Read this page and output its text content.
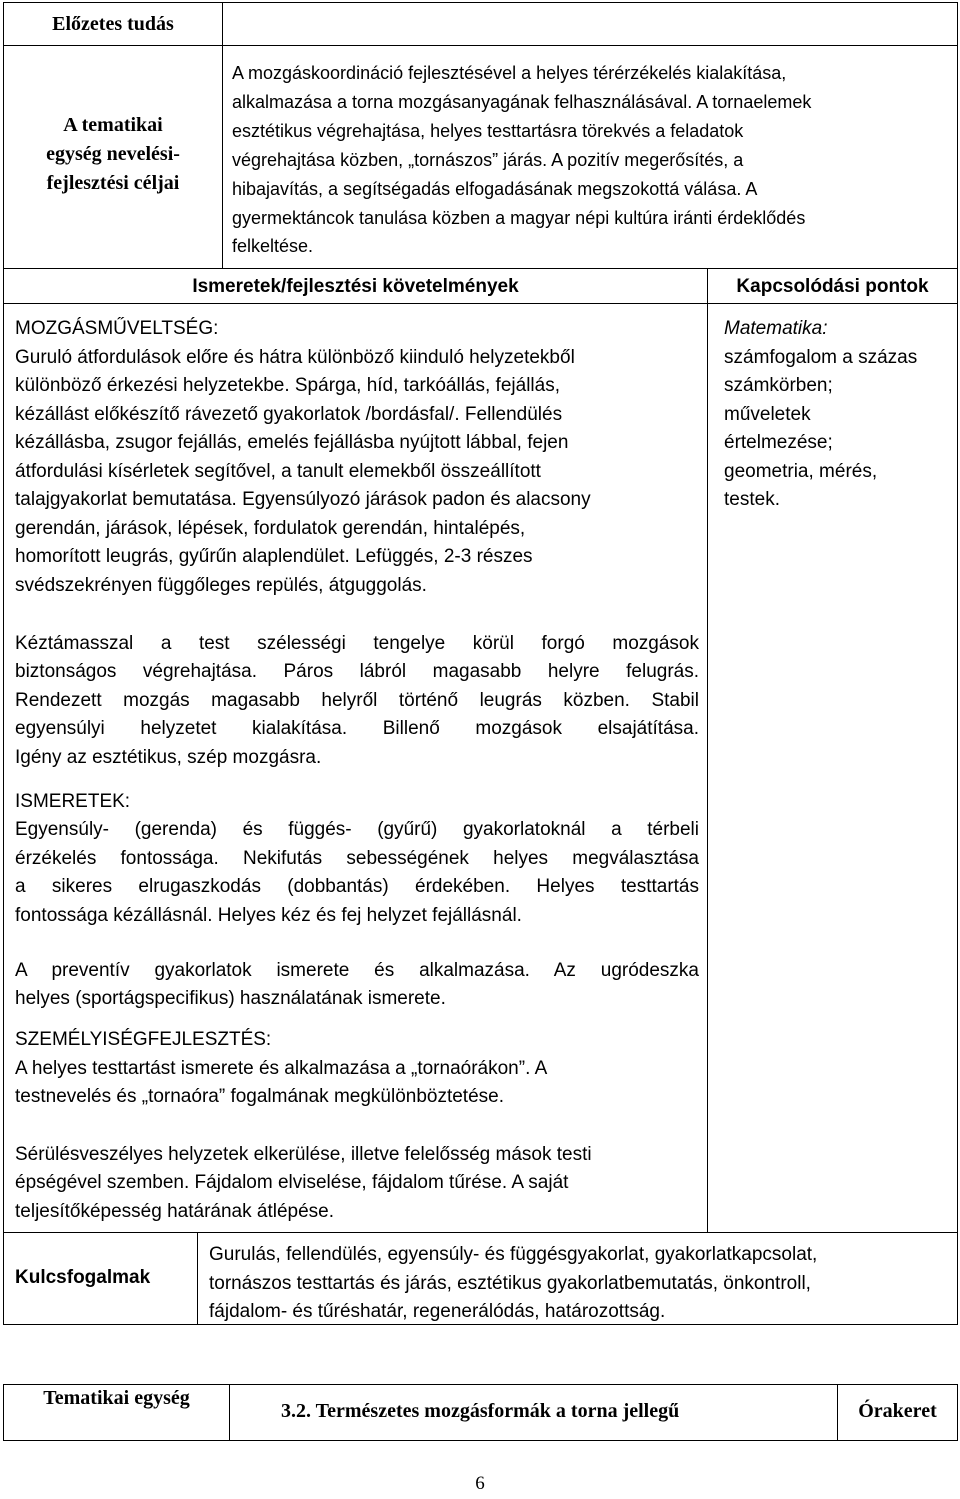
Előzetes tudás
A tematikai
egység nevelési-
fejlesztési céljai
A mozgáskoordináció fejlesztésével a helyes térérzékelés kialakítása,
alkalmazása a torna mozgásanyagának felhasználásával. A tornaelemek
esztétikus végrehajtása, helyes testtartásra törekvés a feladatok
végrehajtása közben, „tornászos” járás. A pozitív megerősítés, a
hibajavítás, a segítségadás elfogadásának megszokottá válása. A
gyermektáncok tanulása közben a magyar népi kultúra iránti érdeklődés
felkeltése.
Ismeretek/fejlesztési követelmények	Kapcsolódási pontok
MOZGÁSMŰVELTSÉG:
Guruló átfordulások előre és hátra különböző kiinduló helyzetekből
különböző érkezési helyzetekbe. Spárga, híd, tarkóállás, fejállás,
kézállást előkészítő rávezető gyakorlatok /bordásfal/. Fellendülés
kézállásba, zsugor fejállás, emelés fejállásba nyújtott lábbal, fejen
átfordulási kísérletek segítővel, a tanult elemekből összeállított
talajgyakorlat bemutatása. Egyensúlyozó járások padon és alacsony
gerendán, járások, lépések, fordulatok gerendán, hintalépés,
homorított leugrás, gyűrűn alaplendület. Lefüggés, 2-3 részes
svédszekrényen függőleges repülés, átguggolás.
Kéztámasszal a test szélességi tengelye körül forgó mozgások
biztonságos végrehajtása. Páros lábról magasabb helyre felugrás.
Rendezett mozgás magasabb helyről történő leugrás közben. Stabil
egyensúlyi helyzetet kialakítása. Billenő mozgások elsajátítása.
Igény az esztétikus, szép mozgásra.
ISMERETEK:
Egyensúly- (gerenda) és függés- (gyűrű) gyakorlatoknál a térbeli
érzékelés fontossága. Nekifutás sebességének helyes megválasztása
a sikeres elrugaszkodás (dobbantás) érdekében. Helyes testtartás
fontossága kézállásnál. Helyes kéz és fej helyzet fejállásnál.
A preventív gyakorlatok ismerete és alkalmazása. Az ugródeszka
helyes (sportágspecifikus) használatának ismerete.
SZEMÉLYISÉGFEJLESZTÉS:
A helyes testtartást ismerete és alkalmazása a „tornaórákon”. A
testnevelés és „tornaóra” fogalmának megkülönböztetése.
Sérülésveszélyes helyzetek elkerülése, illetve felelősség mások testi
épségével szemben. Fájdalom elviselése, fájdalom tűrése. A saját
teljesítőképesség határának átlépése.
Matematika:
számfogalom a százas
számkörben;
műveletek
értelmezése;
geometria, mérés,
testek.
Kulcsfogalmak
Gurulás, fellendülés, egyensúly- és függésgyakorlat, gyakorlatkapcsolat,
tornászos testtartás és járás, esztétikus gyakorlatbemutatás, önkontroll,
fájdalom- és tűréshatár, regenerálódás, határozottság.
Tematikai egység
3.2. Természetes mozgásformák a torna jellegű	Órakeret
6
